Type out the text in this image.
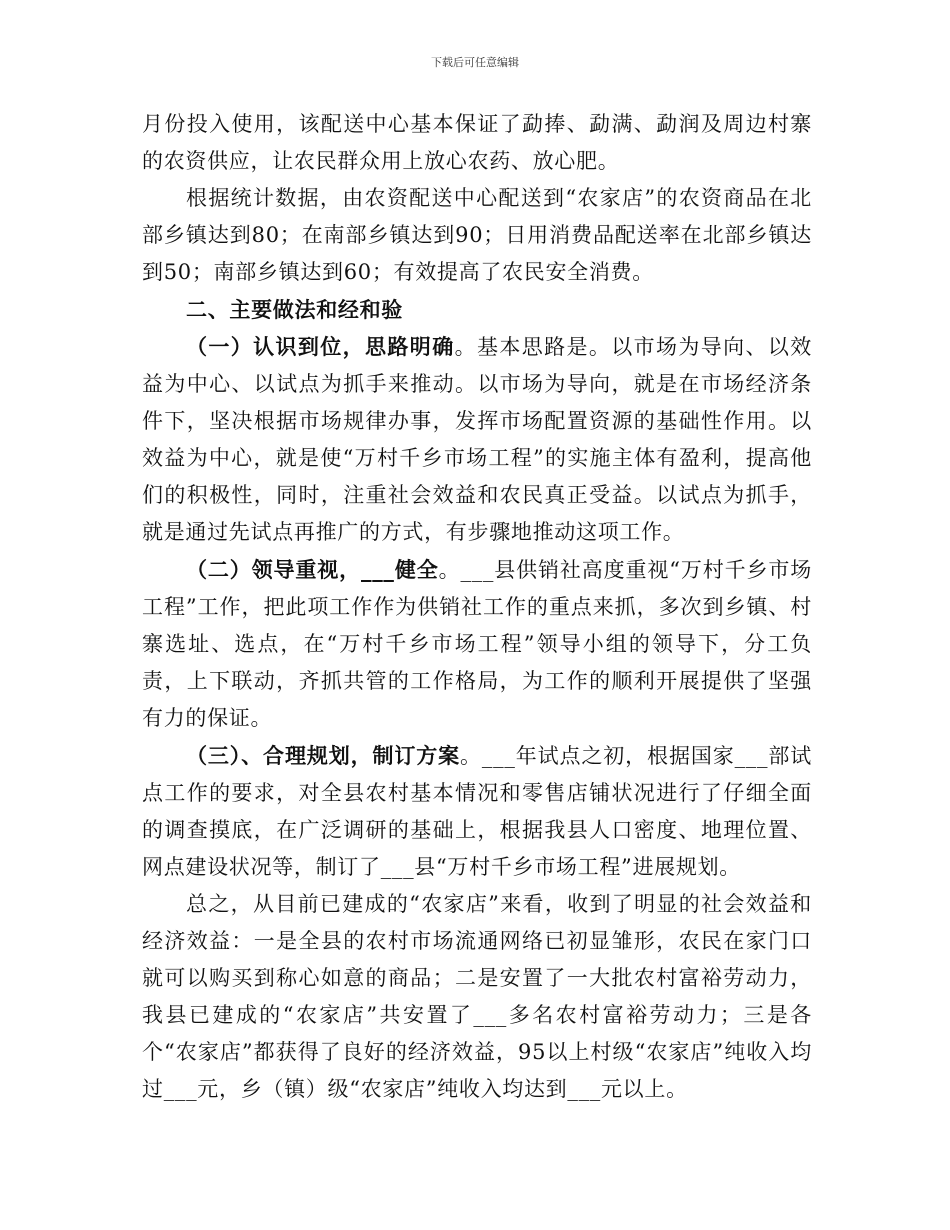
下载后可任意编辑

月份投入使用，该配送中心基本保证了勐捧、勐满、勐润及周边村寨的农资供应，让农民群众用上放心农药、放心肥。

根据统计数据，由农资配送中心配送到“农家店”的农资商品在北部乡镇达到80；在南部乡镇达到90；日用消费品配送率在北部乡镇达到50；南部乡镇达到60；有效提高了农民安全消费。

二、主要做法和经和验

（一）认识到位，思路明确。基本思路是。以市场为导向、以效益为中心、以试点为抓手来推动。以市场为导向，就是在市场经济条件下，坚决根据市场规律办事，发挥市场配置资源的基础性作用。以效益为中心，就是使“万村千乡市场工程”的实施主体有盈利，提高他们的积极性，同时，注重社会效益和农民真正受益。以试点为抓手，就是通过先试点再推广的方式，有步骤地推动这项工作。

（二）领导重视，___健全。___县供销社高度重视“万村千乡市场工程”工作，把此项工作作为供销社工作的重点来抓，多次到乡镇、村寨选址、选点，在“万村千乡市场工程”领导小组的领导下，分工负责，上下联动，齐抓共管的工作格局，为工作的顺利开展提供了坚强有力的保证。

（三）、合理规划，制订方案。___年试点之初，根据国家___部试点工作的要求，对全县农村基本情况和零售店铺状况进行了仔细全面的调查摸底，在广泛调研的基础上，根据我县人口密度、地理位置、网点建设状况等，制订了___县“万村千乡市场工程”进展规划。

总之，从目前已建成的“农家店”来看，收到了明显的社会效益和经济效益：一是全县的农村市场流通网络已初显雏形，农民在家门口就可以购买到称心如意的商品；二是安置了一大批农村富裕劳动力，我县已建成的“农家店”共安置了___多名农村富裕劳动力；三是各个“农家店”都获得了良好的经济效益，95以上村级“农家店”纯收入均过___元，乡（镇）级“农家店”纯收入均达到___元以上。
